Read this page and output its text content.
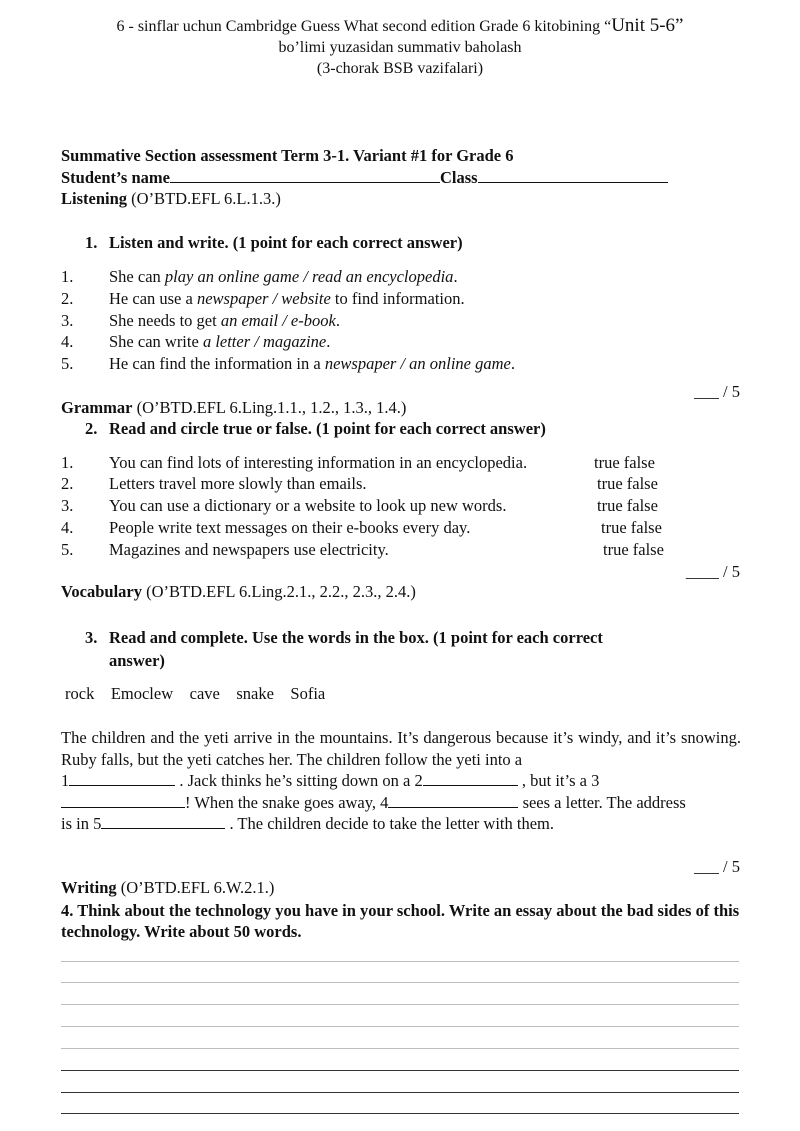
6 - sinflar uchun Cambridge Guess What second edition Grade 6 kitobining “Unit 5-6”
bo’limi yuzasidan summativ baholash
(3-chorak BSB vazifalari)
Summative Section assessment Term 3-1. Variant #1 for Grade 6
Student’s name	Class
Listening (O’BTD.EFL 6.L.1.3.)
1. Listen and write. (1 point for each correct answer)
1. She can play an online game / read an encyclopedia.
2. He can use a newspaper / website to find information.
3. She needs to get an email / e-book.
4. She can write a letter / magazine.
5. He can find the information in a newspaper / an online game.
___ / 5
Grammar (O’BTD.EFL 6.Ling.1.1., 1.2., 1.3., 1.4.)
2. Read and circle true or false. (1 point for each correct answer)
1. You can find lots of interesting information in an encyclopedia.	true false
2. Letters travel more slowly than emails.	true false
3. You can use a dictionary or a website to look up new words.	true false
4. People write text messages on their e-books every day.	true false
5. Magazines and newspapers use electricity.	true false
____ / 5
Vocabulary (O’BTD.EFL 6.Ling.2.1., 2.2., 2.3., 2.4.)
3. Read and complete. Use the words in the box. (1 point for each correct
answer)
rock    Emoclew    cave    snake    Sofia
The children and the yeti arrive in the mountains. It’s dangerous because it’s windy, and it’s snowing. Ruby falls, but the yeti catches her. The children follow the yeti into a
1	. Jack thinks he’s sitting down on a 2	, but it’s a 3
! When the snake goes away, 4	sees a letter. The address
is in 5	. The children decide to take the letter with them.
___ / 5
Writing (O’BTD.EFL 6.W.2.1.)
4. Think about the technology you have in your school. Write an essay about the bad sides of this technology. Write about 50 words.
